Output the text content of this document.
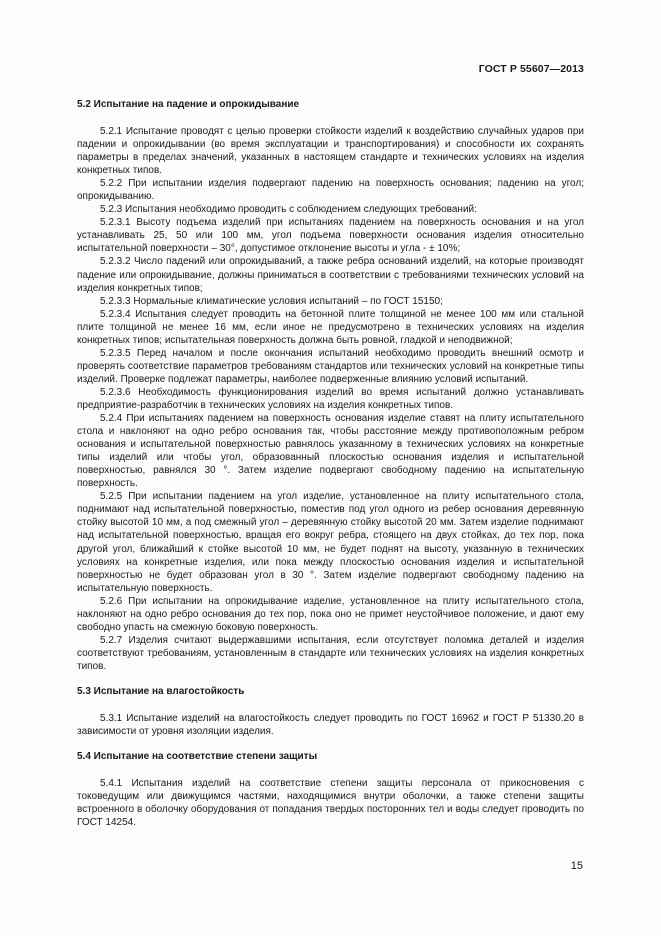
ГОСТ Р 55607—2013
5.2 Испытание на падение и опрокидывание

5.2.1 Испытание проводят с целью проверки стойкости изделий к воздействию случайных ударов при падении и опрокидывании (во время эксплуатации и транспортирования) и способности их сохранять параметры в пределах значений, указанных в настоящем стандарте и технических условиях на изделия конкретных типов.

5.2.2 При испытании изделия подвергают падению на поверхность основания; падению на угол; опрокидыванию.

5.2.3 Испытания необходимо проводить с соблюдением следующих требований:

5.2.3.1 Высоту подъема изделий при испытаниях падением на поверхность основания и на угол устанавливать 25, 50 или 100 мм, угол подъема поверхности основания изделия относительно испытательной поверхности – 30°, допустимое отклонение высоты и угла - ± 10%;

5.2.3.2 Число падений или опрокидываний, а также ребра оснований изделий, на которые производят падение или опрокидывание, должны приниматься в соответствии с требованиями технических условий на изделия конкретных типов;

5.2.3.3 Нормальные климатические условия испытаний – по ГОСТ 15150;

5.2.3.4 Испытания следует проводить на бетонной плите толщиной не менее 100 мм или стальной плите толщиной не менее 16 мм, если иное не предусмотрено в технических условиях на изделия конкретных типов; испытательная поверхность должна быть ровной, гладкой и неподвижной;

5.2.3.5 Перед началом и после окончания испытаний необходимо проводить внешний осмотр и проверять соответствие параметров требованиям стандартов или технических условий на конкретные типы изделий. Проверке подлежат параметры, наиболее подверженные влиянию условий испытаний.

5.2.3.6 Необходимость функционирования изделий во время испытаний должно устанавливать предприятие-разработчик в технических условиях на изделия конкретных типов.

5.2.4 При испытаниях падением на поверхность основания изделие ставят на плиту испытательного стола и наклоняют на одно ребро основания так, чтобы расстояние между противоположным ребром основания и испытательной поверхностью равнялось указанному в технических условиях на конкретные типы изделий или чтобы угол, образованный плоскостью основания изделия и испытательной поверхностью, равнялся 30 °. Затем изделие подвергают свободному падению на испытательную поверхность.

5.2.5 При испытании падением на угол изделие, установленное на плиту испытательного стола, поднимают над испытательной поверхностью, поместив под угол одного из ребер основания деревянную стойку высотой 10 мм, а под смежный угол – деревянную стойку высотой 20 мм. Затем изделие поднимают над испытательной поверхностью, вращая его вокруг ребра, стоящего на двух стойках, до тех пор, пока другой угол, ближайший к стойке высотой 10 мм, не будет поднят на высоту, указанную в технических условиях на конкретные изделия, или пока между плоскостью основания изделия и испытательной поверхностью не будет образован угол в 30 °. Затем изделие подвергают свободному падению на испытательную поверхность.

5.2.6 При испытании на опрокидывание изделие, установленное на плиту испытательного стола, наклоняют на одно ребро основания до тех пор, пока оно не примет неустойчивое положение, и дают ему свободно упасть на смежную боковую поверхность.

5.2.7 Изделия считают выдержавшими испытания, если отсутствует поломка деталей и изделия соответствуют требованиям, установленным в стандарте или технических условиях на изделия конкретных типов.

5.3 Испытание на влагостойкость

5.3.1 Испытание изделий на влагостойкость следует проводить по ГОСТ 16962 и ГОСТ Р 51330.20 в зависимости от уровня изоляции изделия.

5.4 Испытание на соответствие степени защиты

5.4.1 Испытания изделий на соответствие степени защиты персонала от прикосновения с токоведущим или движущимся частями, находящимися внутри оболочки, а также степени защиты встроенного в оболочку оборудования от попадания твердых посторонних тел и воды следует проводить по ГОСТ 14254.

15
